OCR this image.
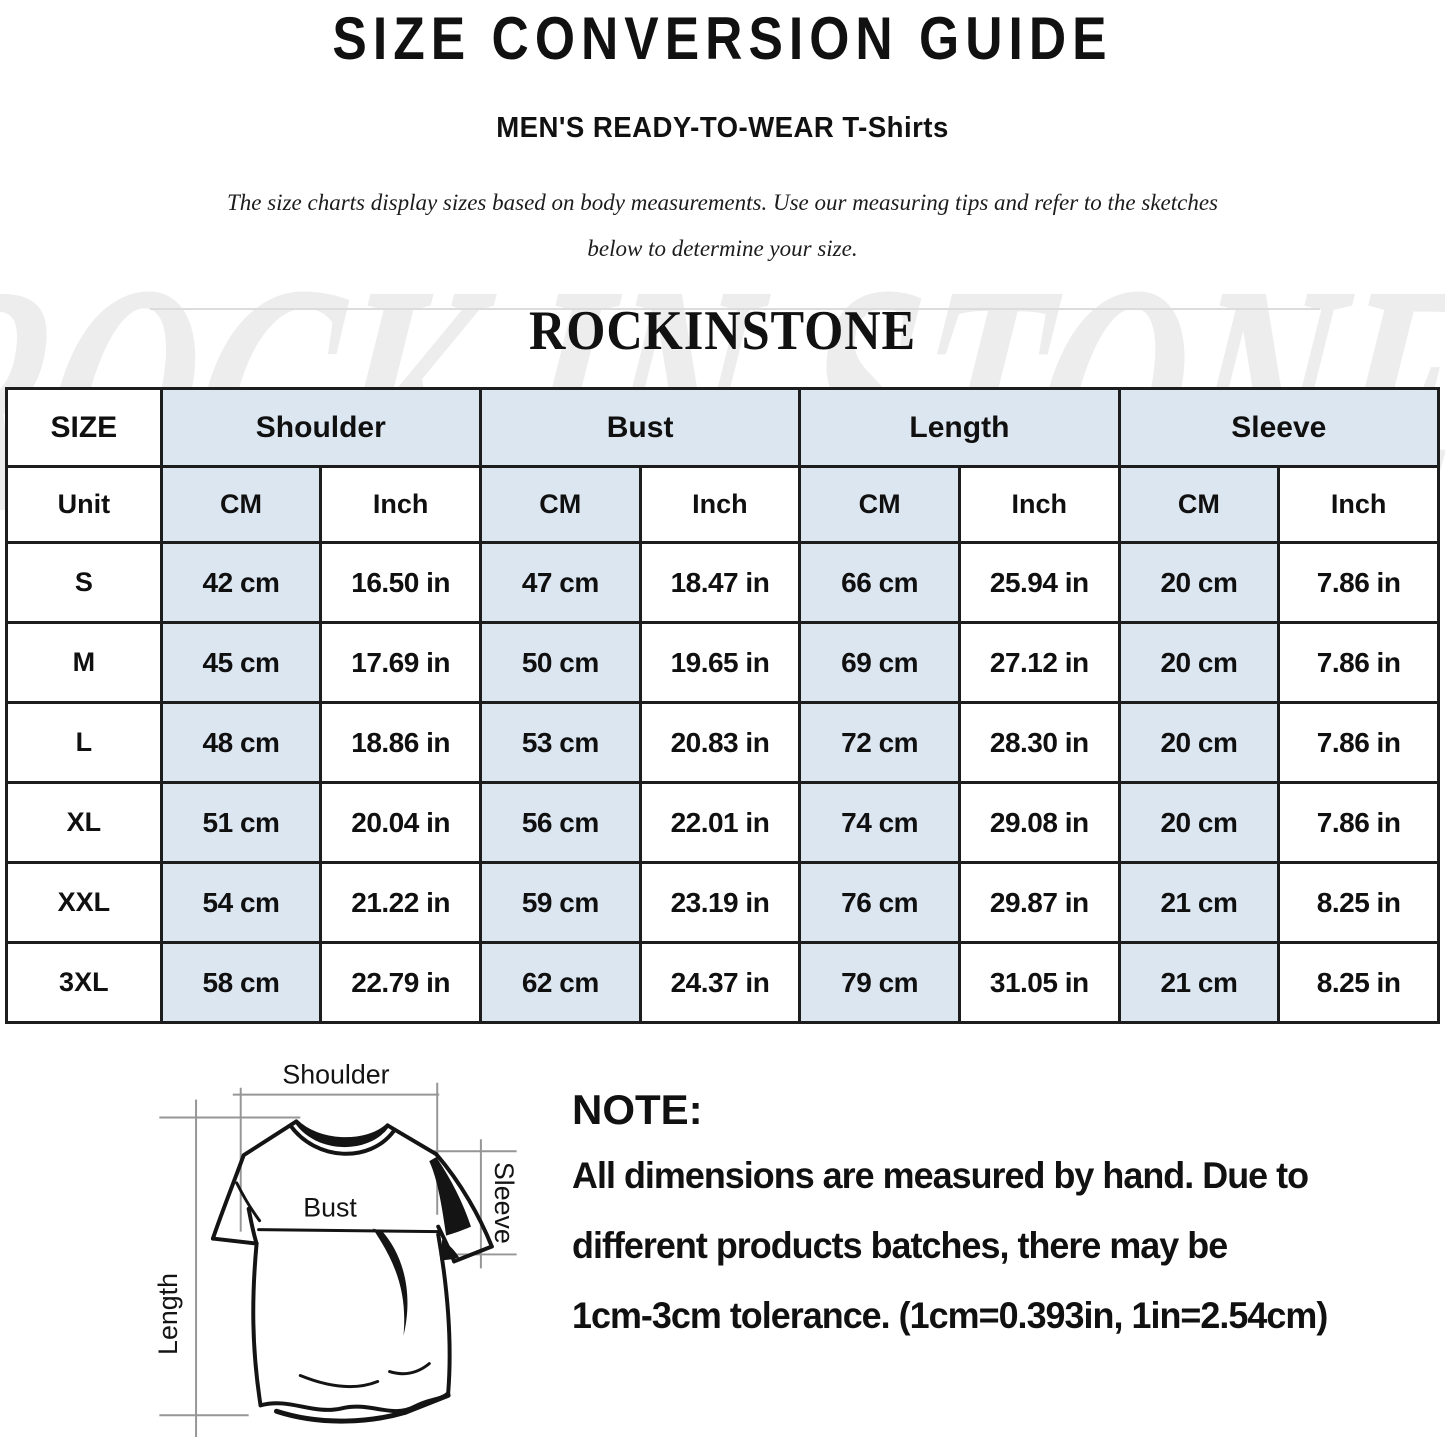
SIZE CONVERSION GUIDE
MEN'S READY-TO-WEAR T-Shirts
The size charts display sizes based on body measurements. Use our measuring tips and refer to the sketches
below to determine your size.
ROCKINSTONE
SIZE	Shoulder		Bust		Length		Sleeve	
Unit	CM	Inch	CM	Inch	CM	Inch	CM	Inch
S	42 cm	16.50 in	47 cm	18.47 in	66 cm	25.94 in	20 cm	7.86 in
M	45 cm	17.69 in	50 cm	19.65 in	69 cm	27.12 in	20 cm	7.86 in
L	48 cm	18.86 in	53 cm	20.83 in	72 cm	28.30 in	20 cm	7.86 in
XL	51 cm	20.04 in	56 cm	22.01 in	74 cm	29.08 in	20 cm	7.86 in
XXL	54 cm	21.22 in	59 cm	23.19 in	76 cm	29.87 in	21 cm	8.25 in
3XL	58 cm	22.79 in	62 cm	24.37 in	79 cm	31.05 in	21 cm	8.25 in
Shoulder
Bust
Length
Sleeve
NOTE:
All dimensions are measured by hand. Due to
different products batches, there may be
1cm-3cm tolerance. (1cm=0.393in, 1in=2.54cm)
